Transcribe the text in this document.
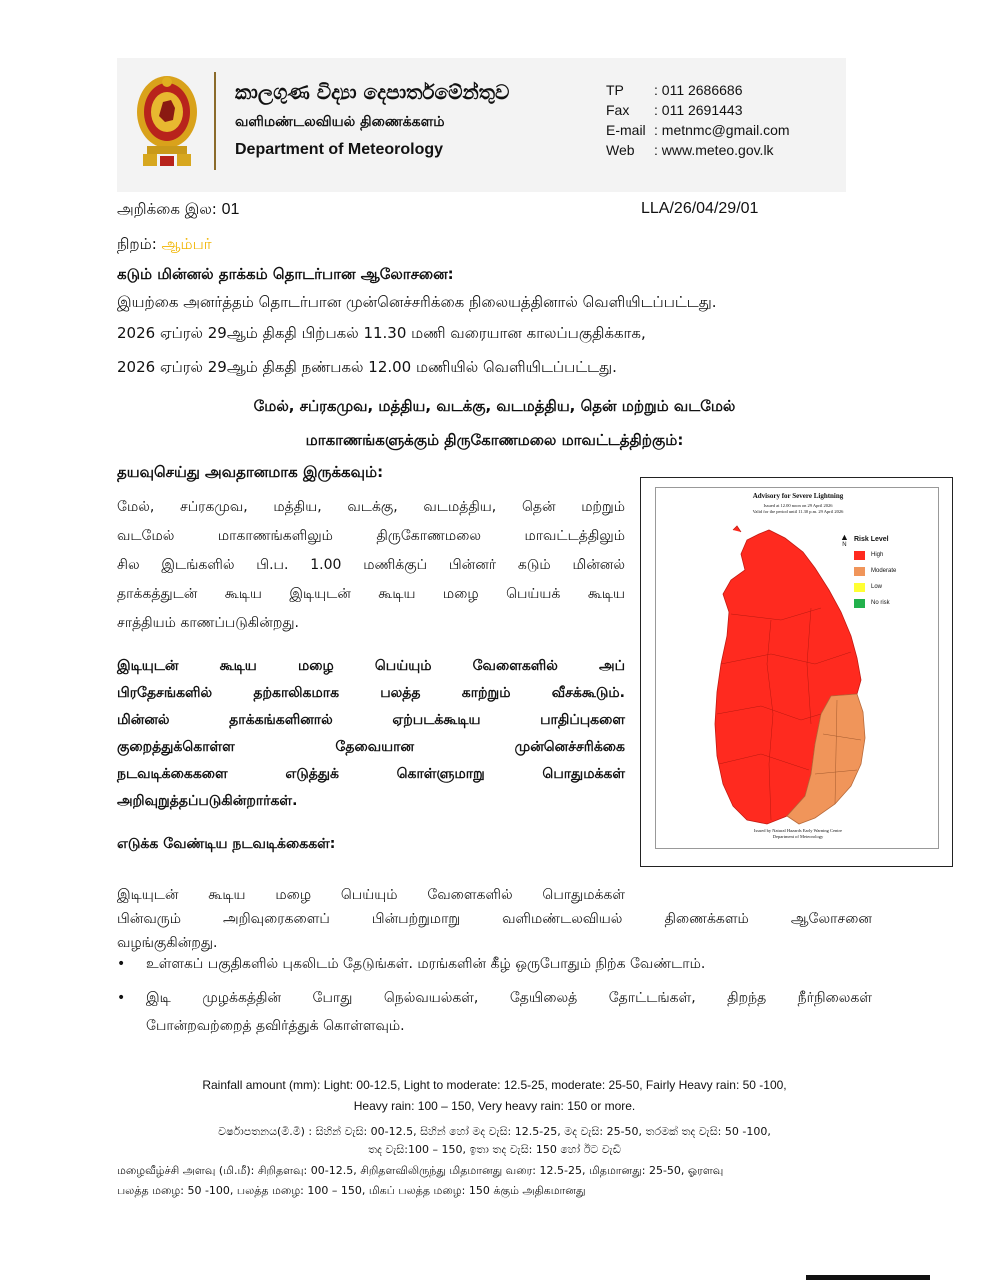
කාලගුණ විද්‍යා දෙපාර්තමේන්තුව
வளிமண்டலவியல் திணைக்களம்
Department of Meteorology
TP	: 011 2686686
Fax	: 011 2691443
E-mail : metnmc@gmail.com
Web	: www.meteo.gov.lk
அறிக்கை இல: 01	LLA/26/04/29/01
நிறம்: ஆம்பர்
கடும் மின்னல் தாக்கம் தொடர்பான ஆலோசனை:
இயற்கை அனர்த்தம் தொடர்பான முன்னெச்சரிக்கை நிலையத்தினால் வெளியிடப்பட்டது.
2026 ஏப்ரல் 29ஆம் திகதி பிற்பகல் 11.30 மணி வரையான காலப்பகுதிக்காக,
2026 ஏப்ரல் 29ஆம் திகதி நண்பகல் 12.00 மணியில் வெளியிடப்பட்டது.
மேல், சப்ரகமுவ, மத்திய, வடக்கு, வடமத்திய, தென் மற்றும் வடமேல்
மாகாணங்களுக்கும் திருகோணமலை மாவட்டத்திற்கும்:
தயவுசெய்து அவதானமாக இருக்கவும்:
மேல், சப்ரகமுவ, மத்திய, வடக்கு, வடமத்திய, தென் மற்றும்
வடமேல் மாகாணங்களிலும் திருகோணமலை மாவட்டத்திலும்
சில இடங்களில் பி.ப. 1.00 மணிக்குப் பின்னர் கடும் மின்னல்
தாக்கத்துடன் கூடிய இடியுடன் கூடிய மழை பெய்யக் கூடிய
சாத்தியம் காணப்படுகின்றது.
இடியுடன் கூடிய மழை பெய்யும் வேளைகளில் அப்
பிரதேசங்களில் தற்காலிகமாக பலத்த காற்றும் வீசக்கூடும்.
மின்னல் தாக்கங்களினால் ஏற்படக்கூடிய பாதிப்புகளை
குறைத்துக்கொள்ள தேவையான முன்னெச்சரிக்கை
நடவடிக்கைகளை எடுத்துக் கொள்ளுமாறு பொதுமக்கள்
அறிவுறுத்தப்படுகின்றார்கள்.
எடுக்க வேண்டிய நடவடிக்கைகள்:
இடியுடன் கூடிய மழை பெய்யும் வேளைகளில் பொதுமக்கள்
பின்வரும் அறிவுரைகளைப் பின்பற்றுமாறு வளிமண்டலவியல் திணைக்களம் ஆலோசனை
வழங்குகின்றது.
• உள்ளகப் பகுதிகளில் புகலிடம் தேடுங்கள். மரங்களின் கீழ் ஒருபோதும் நிற்க வேண்டாம்.
• இடி முழக்கத்தின் போது நெல்வயல்கள், தேயிலைத் தோட்டங்கள், திறந்த நீர்நிலைகள்
போன்றவற்றைத் தவிர்த்துக் கொள்ளவும்.
Advisory for Severe Lightning
Issued at 12.00 noon on 29 April 2026
Valid for the period until 11.30 p.m. 29 April 2026
▲
N
Risk Level
High
Moderate
Low
No risk
Issued by Natural Hazards Early Warning Centre
Department of Meteorology
Rainfall amount (mm): Light: 00-12.5, Light to moderate: 12.5-25, moderate: 25-50, Fairly Heavy rain: 50 -100,
Heavy rain: 100 – 150, Very heavy rain: 150 or more.
වර්ෂාපතනය(මි.මී) : සිහින් වැසි: 00-12.5, සිහින් හෝ මද වැසි: 12.5-25, මද වැසි: 25-50, තරමක් තද වැසි: 50 -100,
තද වැසි:100 – 150, ඉතා තද වැසි: 150 හෝ ඊට වැඩි
மழைவீழ்ச்சி அளவு (மி.மீ): சிறிதளவு: 00-12.5, சிறிதளவிலிருந்து மிதமானது வரை: 12.5-25, மிதமானது: 25-50, ஓரளவு
பலத்த மழை: 50 -100, பலத்த மழை: 100 – 150, மிகப் பலத்த மழை: 150 க்கும் அதிகமானது
